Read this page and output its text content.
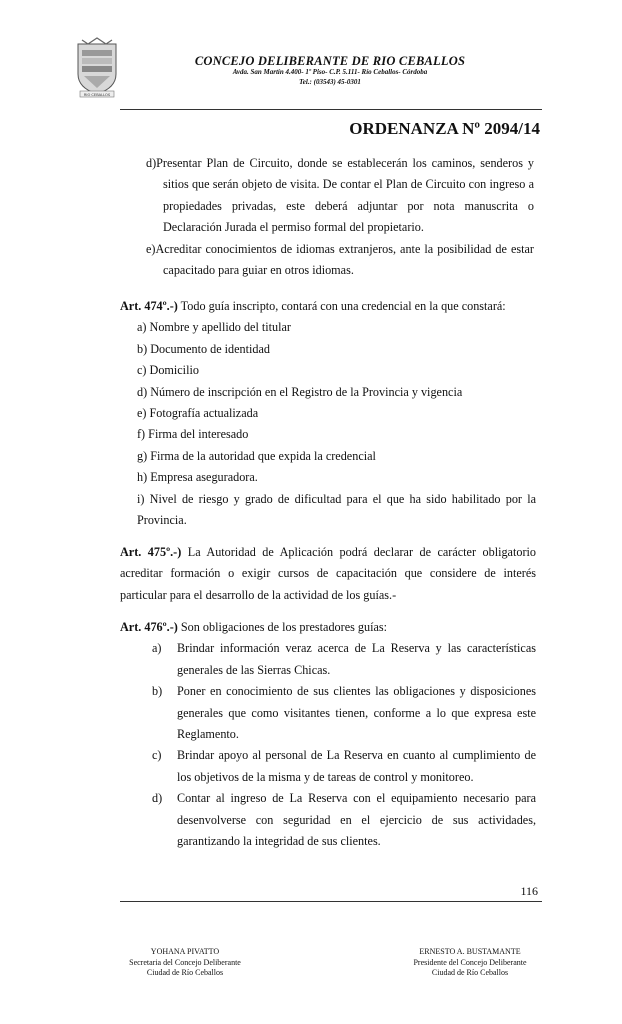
RIO CEBALLOS
CONCEJO DELIBERANTE DE RIO CEBALLOS
Avda. San Martín 4.400- 1º Piso- C.P. 5.111- Río Ceballos- Córdoba
Tel.: (03543) 45-0301
ORDENANZA Nº 2094/14
d)Presentar Plan de Circuito, donde se establecerán los caminos, senderos y
sitios que serán objeto de visita. De contar el Plan de Circuito con ingreso a
propiedades privadas, este deberá adjuntar por nota manuscrita o
Declaración Jurada el permiso formal del propietario.
e)Acreditar conocimientos de idiomas extranjeros, ante la posibilidad de estar
capacitado para guiar en otros idiomas.
Art. 474º.-) Todo guía inscripto, contará con una credencial en la que constará:
a) Nombre y apellido del titular
b) Documento de identidad
c) Domicilio
d) Número de inscripción en el Registro de la Provincia y vigencia
e) Fotografía actualizada
f) Firma del interesado
g) Firma de la autoridad que expida la credencial
h) Empresa aseguradora.
i) Nivel de riesgo y grado de dificultad para el que ha sido habilitado por la
Provincia.
Art. 475º.-) La Autoridad de Aplicación podrá declarar de carácter obligatorio
acreditar formación o exigir cursos de capacitación que considere de interés
particular para el desarrollo de la actividad de los guías.-
Art. 476º.-) Son obligaciones de los prestadores guías:
a)	Brindar información veraz acerca de La Reserva y las características
generales de las Sierras Chicas.
b)	Poner en conocimiento de sus clientes las obligaciones y disposiciones
generales que como visitantes tienen, conforme a lo que expresa este
Reglamento.
c)	Brindar apoyo al personal de La Reserva en cuanto al cumplimiento de
los objetivos de la misma y de tareas de control y monitoreo.
d)	Contar al ingreso de La Reserva con el equipamiento necesario para
desenvolverse con seguridad en el ejercicio de sus actividades,
garantizando la integridad de sus clientes.
116
YOHANA PIVATTO
Secretaria del Concejo Deliberante
Ciudad de Río Ceballos
ERNESTO A. BUSTAMANTE
Presidente del Concejo Deliberante
Ciudad de Río Ceballos
